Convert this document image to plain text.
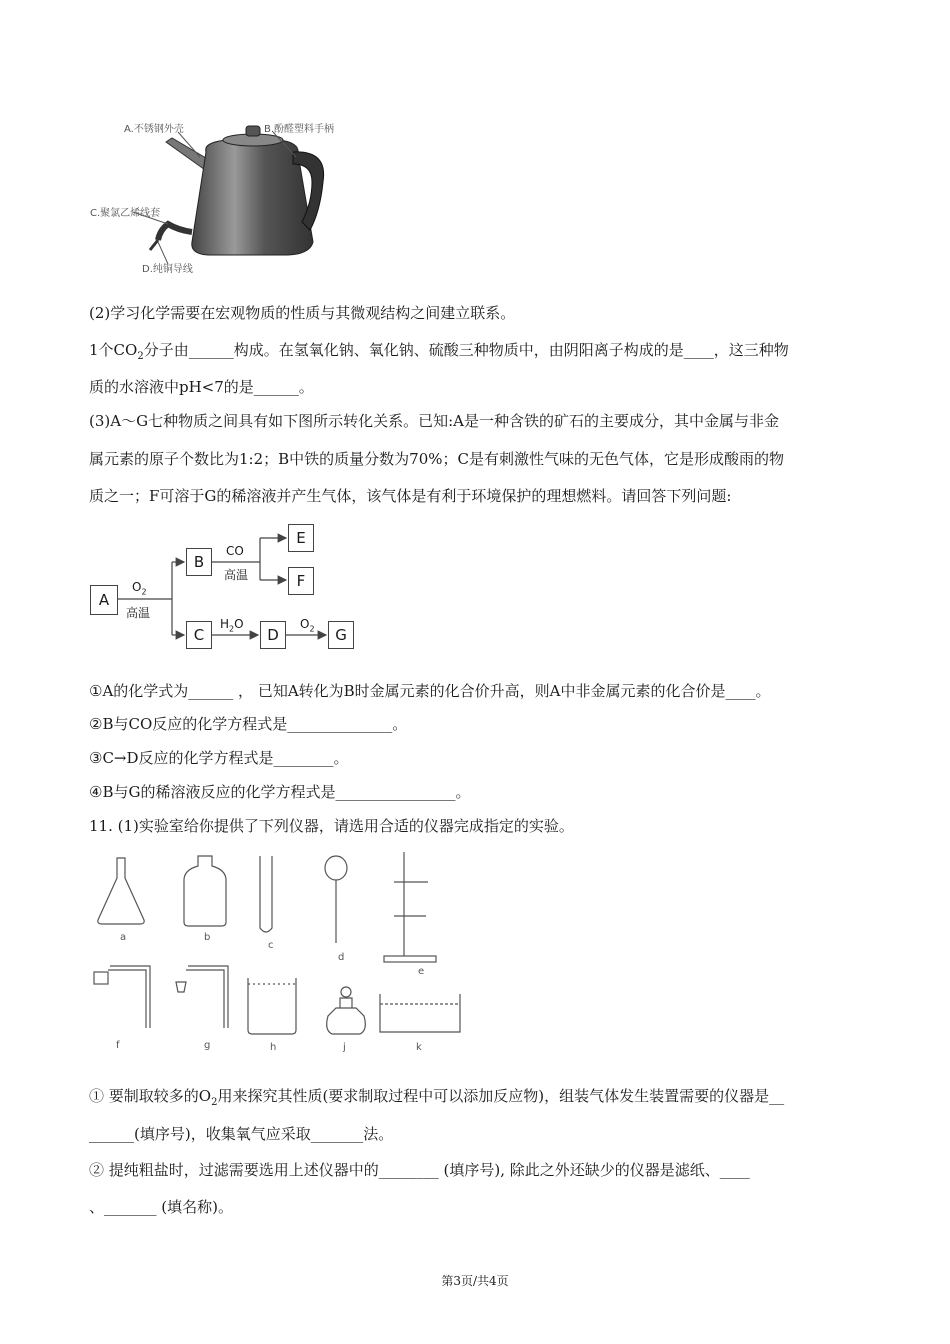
A.不锈钢外壳	B.酚醛塑料手柄
C.聚氯乙烯线套
D.纯铜导线
(2)学习化学需要在宏观物质的性质与其微观结构之间建立联系。
1个$CO_2$分子由______构成。在氢氧化钠、氧化钠、硫酸三种物质中，由阴阳离子构成的是____，这三种物
质的水溶液中pH<7的是______。
(3)A～G七种物质之间具有如下图所示转化关系。已知:A是一种含铁的矿石的主要成分，其中金属与非金
属元素的原子个数比为1:2；B中铁的质量分数为70%；C是有刺激性气味的无色气体，它是形成酸雨的物
质之一；F可溶于G的稀溶液并产生气体，该气体是有利于环境保护的理想燃料。请回答下列问题:
A
B
C	D
E
F
G
$O_2$
高温
CO
高温
$H_2O$	$O_2$
①A的化学式为______ ， 已知A转化为B时金属元素的化合价升高，则A中非金属元素的化合价是____。
②B与CO反应的化学方程式是______________。
③C→D反应的化学方程式是________。
④B与G的稀溶液反应的化学方程式是________________。
11. (1)实验室给你提供了下列仪器，请选用合适的仪器完成指定的实验。
a	b
c
d
e
f	g	h	j	k
① 要制取较多的$O_2$用来探究其性质(要求制取过程中可以添加反应物)，组装气体发生装置需要的仪器是__
______(填序号)，收集氧气应采取_______法。
② 提纯粗盐时，过滤需要选用上述仪器中的________ (填序号), 除此之外还缺少的仪器是滤纸、____
、_______ (填名称)。
第3页/共4页
